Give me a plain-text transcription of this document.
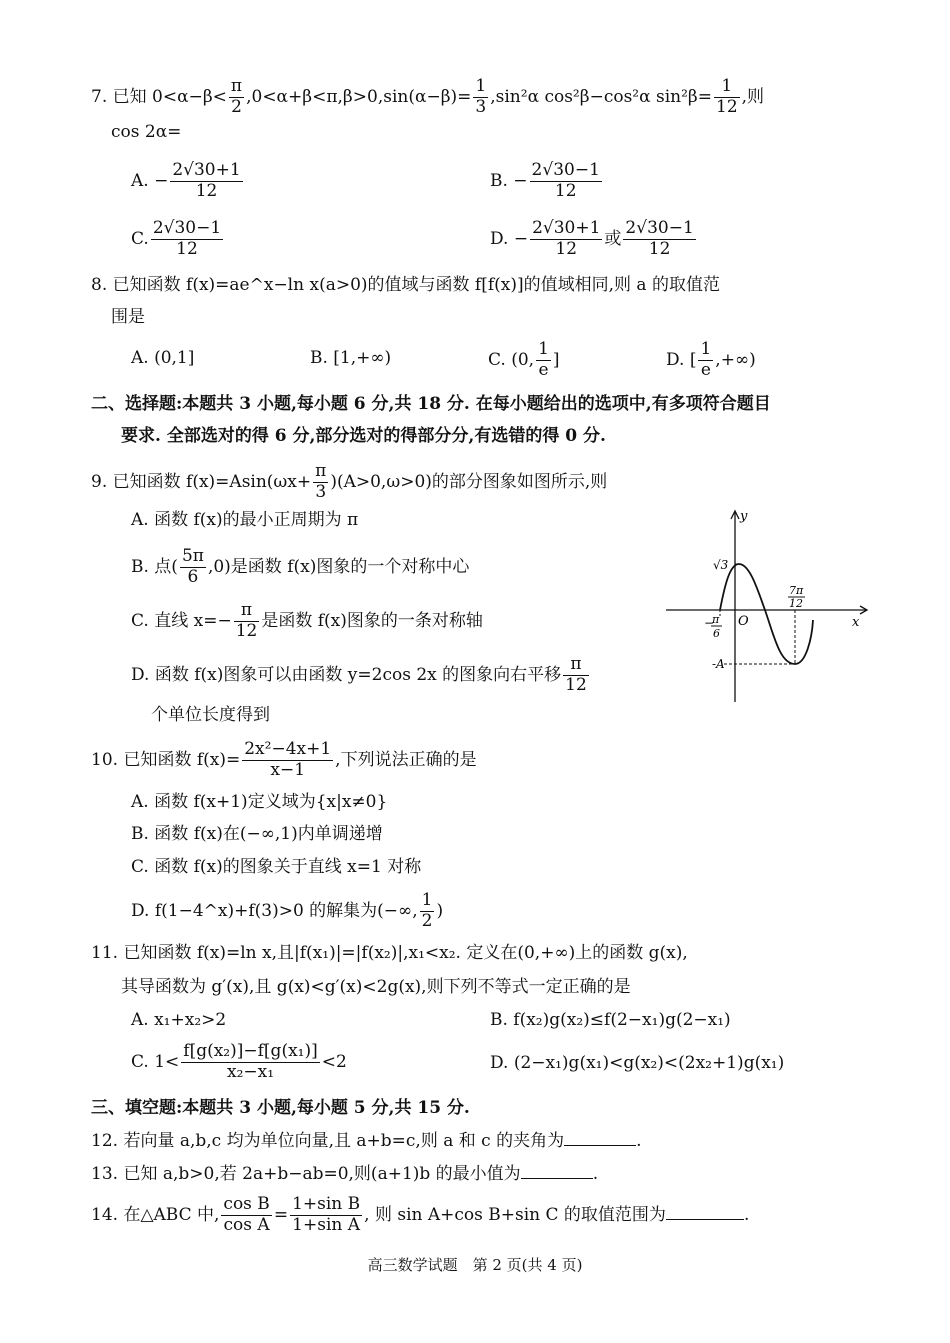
7. 已知 $0<\alpha-\beta< \frac{\pi}{2} ,0<\alpha+\beta<\pi,\beta>0,\sin(\alpha-\beta)= \frac{1}{3} ,\sin^2\alpha$ cos²β−cos²α $\sin^2\beta= \frac{1}{12}$ ,则
cos 2α=
A. − $\frac{2√30+1}{12}$	B. − $\frac{2√30-1}{12}$
C. $\frac{2√30-1}{12}$	D. − $\frac{2√30+1}{12}$ 或 $\frac{2√30-1}{12}$
8. 已知函数 f(x)=ae^x−ln x(a>0)的值域与函数 f[f(x)]的值域相同,则 a 的取值范
围是
A. (0,1]	B. [1,+∞)	C. (0, $\frac{1}{e}$ ]	D. [ $\frac{1}{e}$ ,+∞)
二、选择题:本题共 3 小题,每小题 6 分,共 18 分. 在每小题给出的选项中,有多项符合题目
要求. 全部选对的得 6 分,部分选对的得部分分,有选错的得 0 分.
9. 已知函数 $f(x)=Asin(\omega x+ \frac{\pi}{3} )(A>0,\omega>0)$的部分图象如图所示,则
A. 函数 f(x)的最小正周期为 π
B. 点( $\frac{5\pi}{6} ,0$)是函数 f(x)图象的一个对称中心
C. 直线 $x=- \frac{\pi}{12}$ 是函数 f(x)图象的一条对称轴
D. 函数 f(x)图象可以由函数 y=2cos 2x 的图象向右平移 $\frac{\pi}{12}$
个单位长度得到
y
x
O
√3
-A
−
π
6
7π
12
10. 已知函数 $f(x)= \frac{\text{2x²−4x+1}}{x-1}$ ,下列说法正确的是
A. 函数 f(x+1)定义域为{x|x≠0}
B. 函数 f(x)在(−∞,1)内单调递增
C. 函数 f(x)的图象关于直线 x=1 对称
D. f(1−4^x)+f(3)>0 的解集为(−∞, $\frac{1}{2}$ )
11. 已知函数 f(x)=ln x,且|f(x₁)|=|f(x₂)|,x₁<x₂. 定义在(0,+∞)上的函数 g(x),
其导函数为 g′(x),且 g(x)<g′(x)<2g(x),则下列不等式一定正确的是
A. x₁+x₂>2	B. f(x₂)g(x₂)≤f(2−x₁)g(2−x₁)
C. $1< \frac{\text{f[g(x₂)]−f[g(x₁)]}}{\text{x₂−x₁}} <2$	D. (2−x₁)g(x₁)<g(x₂)<(2x₂+1)g(x₁)
三、填空题:本题共 3 小题,每小题 5 分,共 15 分.
12. 若向量 a,b,c 均为单位向量,且 a+b=c,则 a 和 c 的夹角为	.
13. 已知 a,b>0,若 2a+b−ab=0,则(a+1)b 的最小值为	.
14. 在△ABC 中, $\frac{\text{cos B}}{\text{cos A}} = \frac{\text{1+sin B}}{\text{1+sin A}}$ , 则 sin A+cos B+sin C 的取值范围为	.
高三数学试题　第 2 页(共 4 页)
